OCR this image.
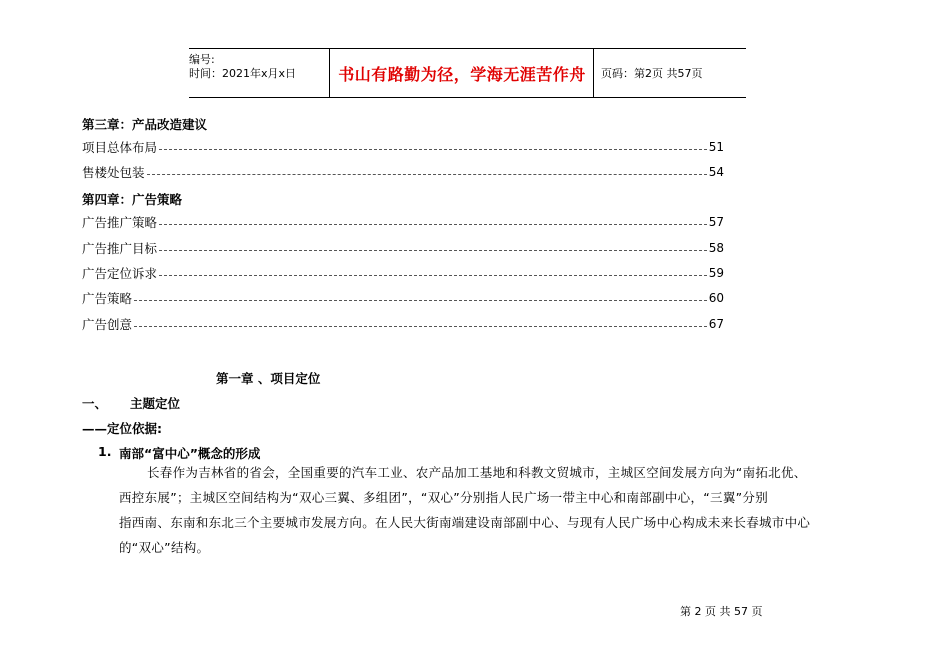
编号:
时间：2021年x月x日	书山有路勤为径，学海无涯苦作舟	页码：第2页 共57页
第三章：产品改造建议
项目总体布局	51
售楼处包装	54
第四章：广告策略
广告推广策略	57
广告推广目标	58
广告定位诉求	59
广告策略	60
广告创意	67
第一章 、项目定位
一、 主题定位
——定位依据:
1. 南部“富中心”概念的形成
长春作为吉林省的省会，全国重要的汽车工业、农产品加工基地和科教文贸城市，主城区空间发展方向为“南拓北优、
西控东展”；主城区空间结构为“双心三翼、多组团”，“双心”分别指人民广场一带主中心和南部副中心，“三翼”分别
指西南、东南和东北三个主要城市发展方向。在人民大街南端建设南部副中心、与现有人民广场中心构成未来长春城市中心
的“双心”结构。
第 2 页 共 57 页
